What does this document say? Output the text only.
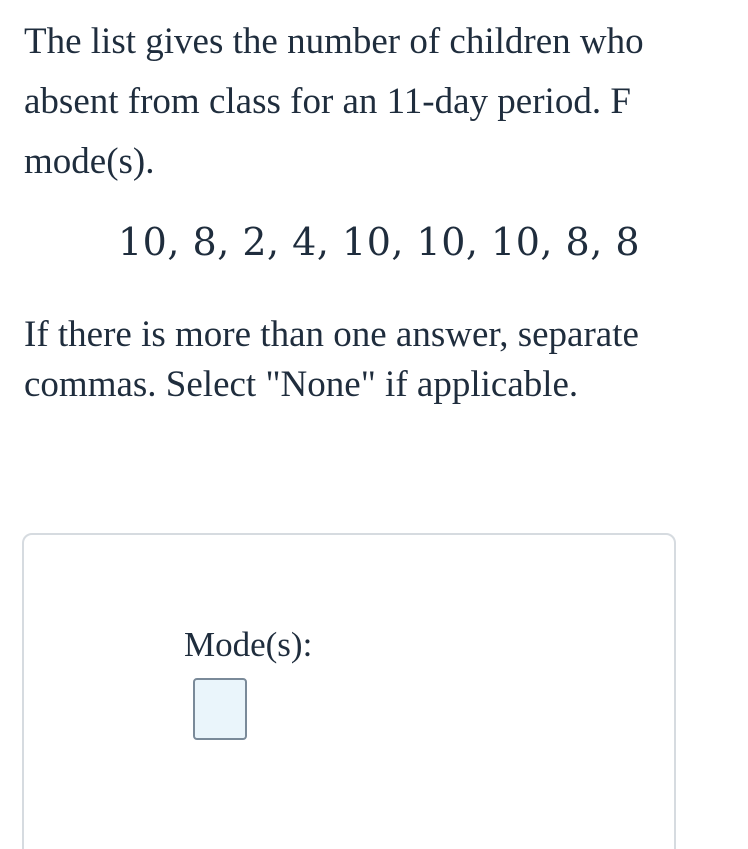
The list gives the number of children who

absent from class for an 11-day period. F

mode(s).

10, 8, 2, 4, 10, 10, 10, 8, 8

If there is more than one answer, separate

commas. Select "None" if applicable.

Mode(s):
